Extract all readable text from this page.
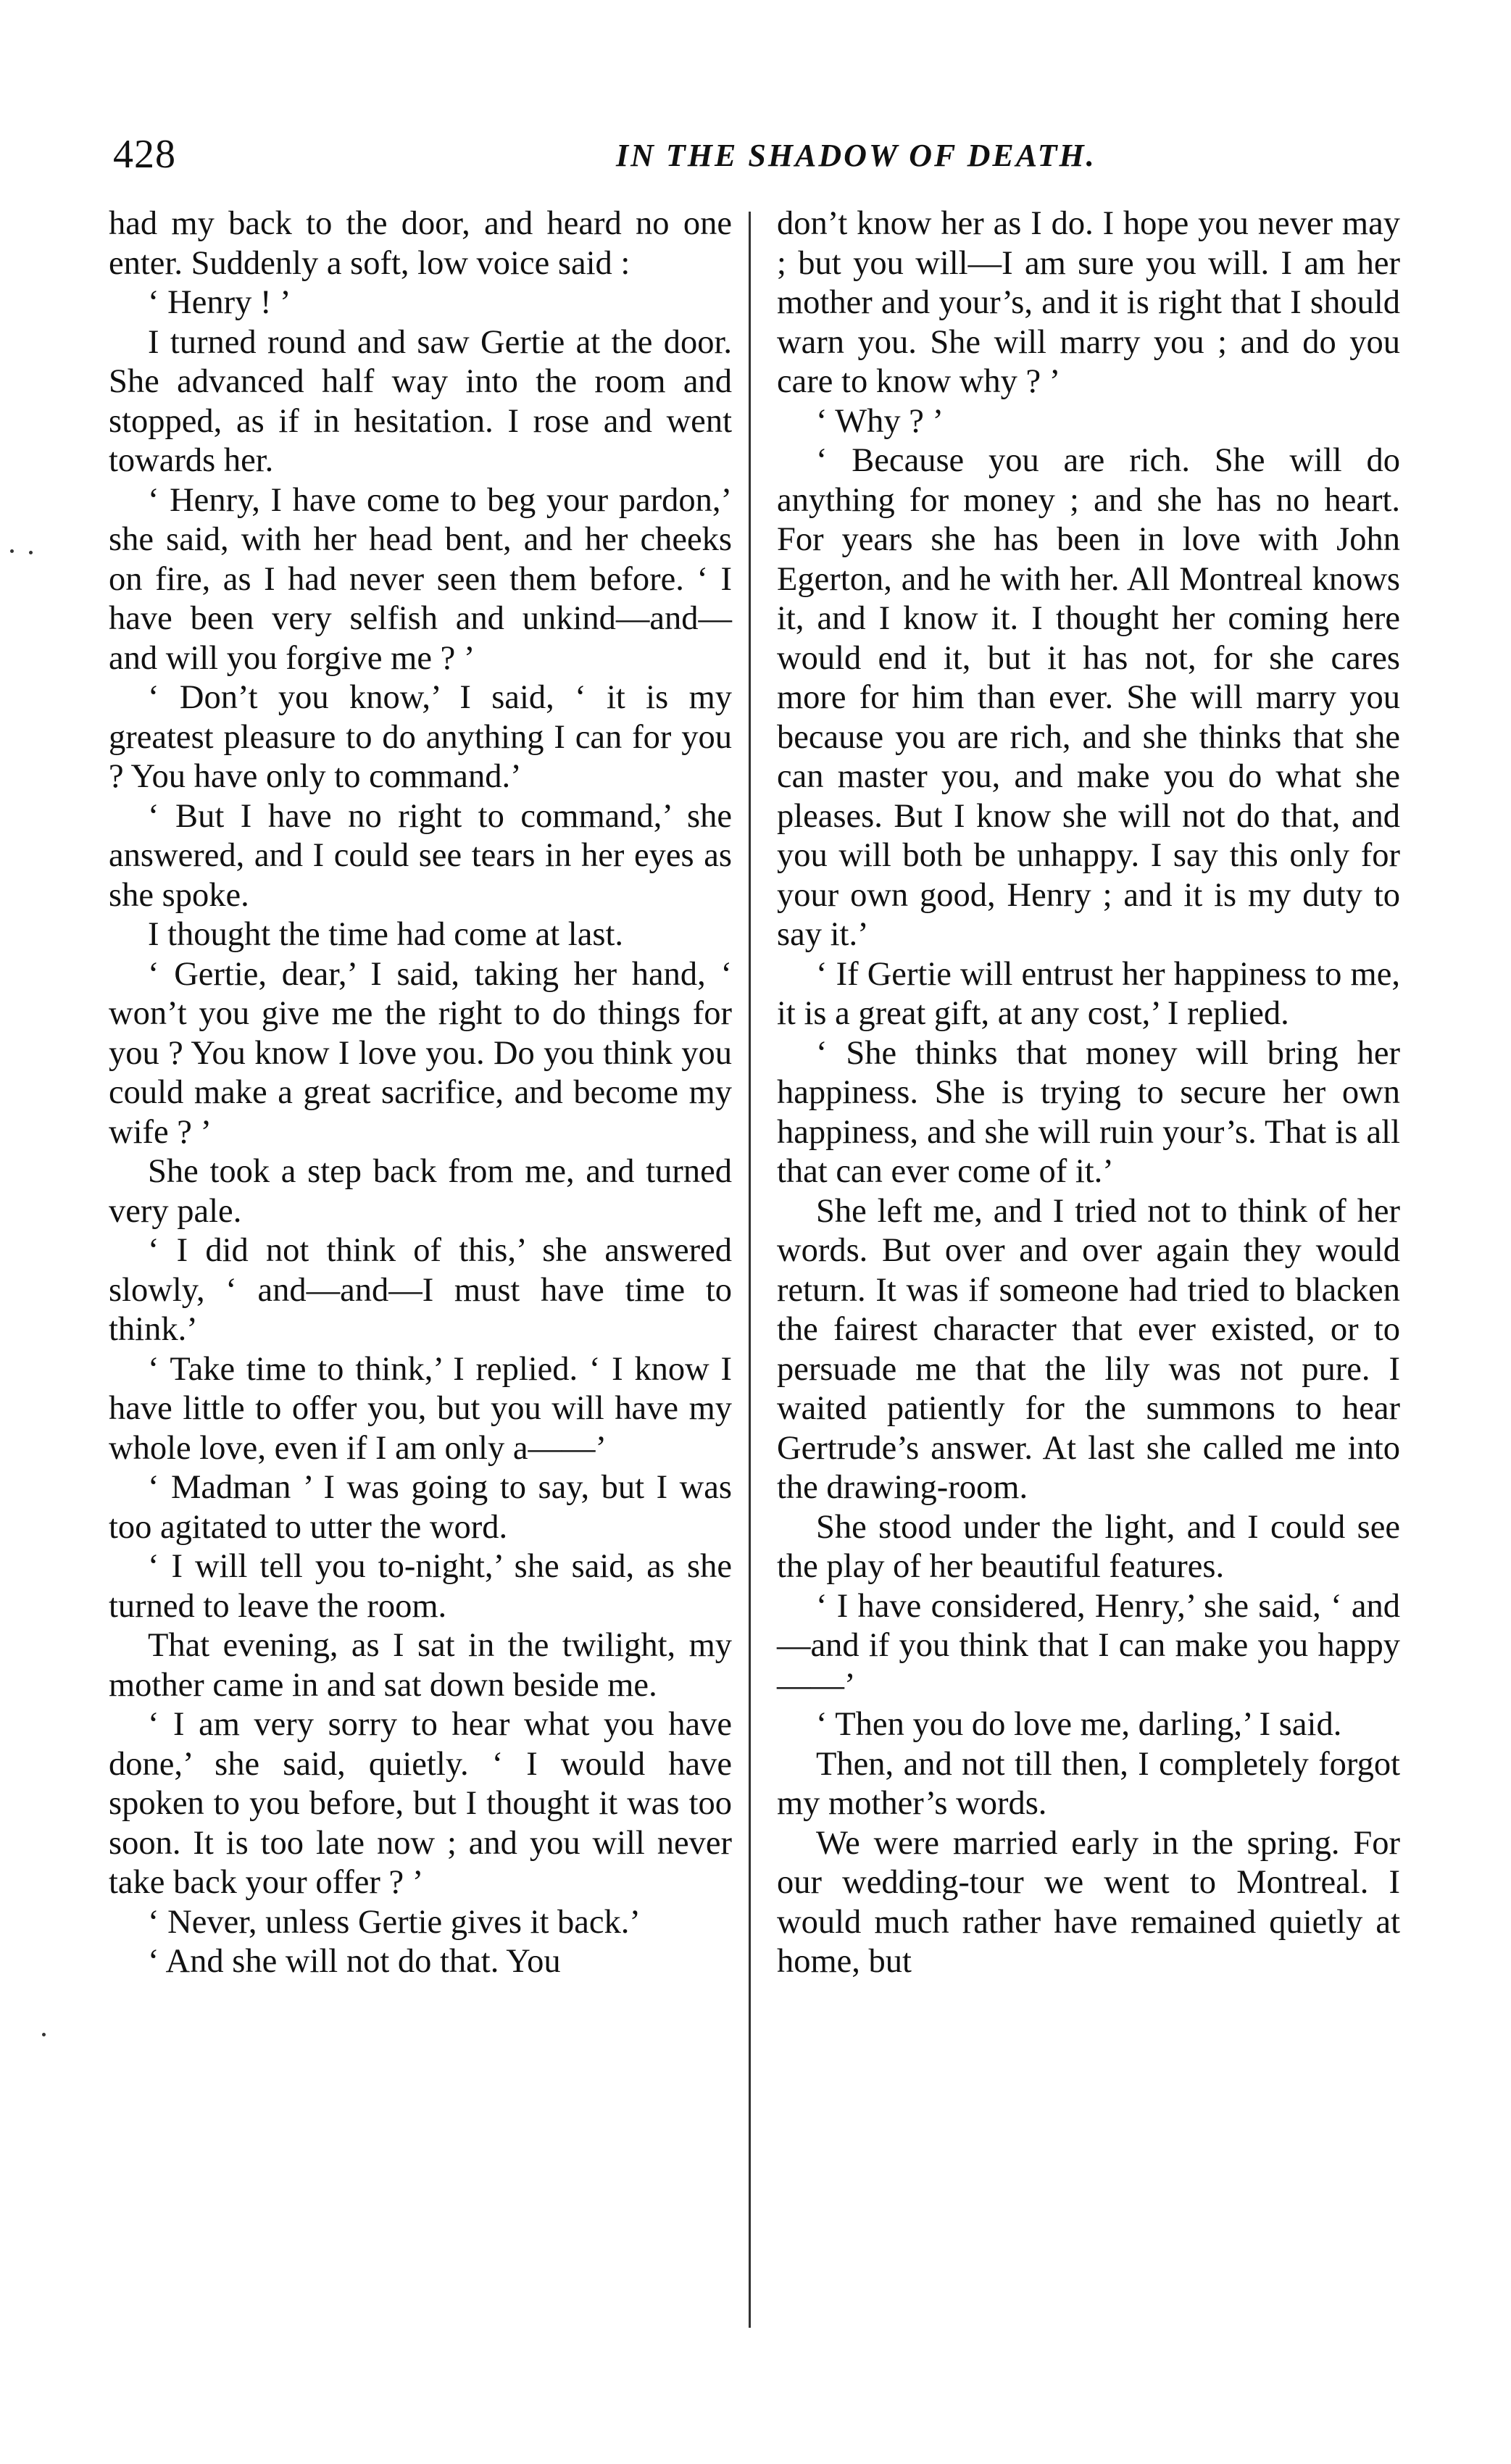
428	IN THE SHADOW OF DEATH.

had my back to the door, and heard no one enter. Suddenly a soft, low voice said :

‘ Henry ! ’

I turned round and saw Gertie at the door. She advanced half way into the room and stopped, as if in hesitation. I rose and went towards her.

‘ Henry, I have come to beg your pardon,’ she said, with her head bent, and her cheeks on fire, as I had never seen them before. ‘ I have been very selfish and unkind—and—and will you forgive me ? ’

‘ Don’t you know,’ I said, ‘ it is my greatest pleasure to do anything I can for you ? You have only to command.’

‘ But I have no right to command,’ she answered, and I could see tears in her eyes as she spoke.

I thought the time had come at last.

‘ Gertie, dear,’ I said, taking her hand, ‘ won’t you give me the right to do things for you ? You know I love you. Do you think you could make a great sacrifice, and become my wife ? ’

She took a step back from me, and turned very pale.

‘ I did not think of this,’ she answered slowly, ‘ and—and—I must have time to think.’

‘ Take time to think,’ I replied. ‘ I know I have little to offer you, but you will have my whole love, even if I am only a——’

‘ Madman ’ I was going to say, but I was too agitated to utter the word.

‘ I will tell you to-night,’ she said, as she turned to leave the room.

That evening, as I sat in the twilight, my mother came in and sat down beside me.

‘ I am very sorry to hear what you have done,’ she said, quietly. ‘ I would have spoken to you before, but I thought it was too soon. It is too late now ; and you will never take back your offer ? ’

‘ Never, unless Gertie gives it back.’

‘ And she will not do that. You

don’t know her as I do. I hope you never may ; but you will—I am sure you will. I am her mother and your’s, and it is right that I should warn you. She will marry you ; and do you care to know why ? ’

‘ Why ? ’

‘ Because you are rich. She will do anything for money ; and she has no heart. For years she has been in love with John Egerton, and he with her. All Montreal knows it, and I know it. I thought her coming here would end it, but it has not, for she cares more for him than ever. She will marry you because you are rich, and she thinks that she can master you, and make you do what she pleases. But I know she will not do that, and you will both be unhappy. I say this only for your own good, Henry ; and it is my duty to say it.’

‘ If Gertie will entrust her happiness to me, it is a great gift, at any cost,’ I replied.

‘ She thinks that money will bring her happiness. She is trying to secure her own happiness, and she will ruin your’s. That is all that can ever come of it.’

She left me, and I tried not to think of her words. But over and over again they would return. It was if someone had tried to blacken the fairest character that ever existed, or to persuade me that the lily was not pure. I waited patiently for the summons to hear Gertrude’s answer. At last she called me into the drawing-room.

She stood under the light, and I could see the play of her beautiful features.

‘ I have considered, Henry,’ she said, ‘ and—and if you think that I can make you happy——’

‘ Then you do love me, darling,’ I said.

Then, and not till then, I completely forgot my mother’s words.

We were married early in the spring. For our wedding-tour we went to Montreal. I would much rather have remained quietly at home, but
